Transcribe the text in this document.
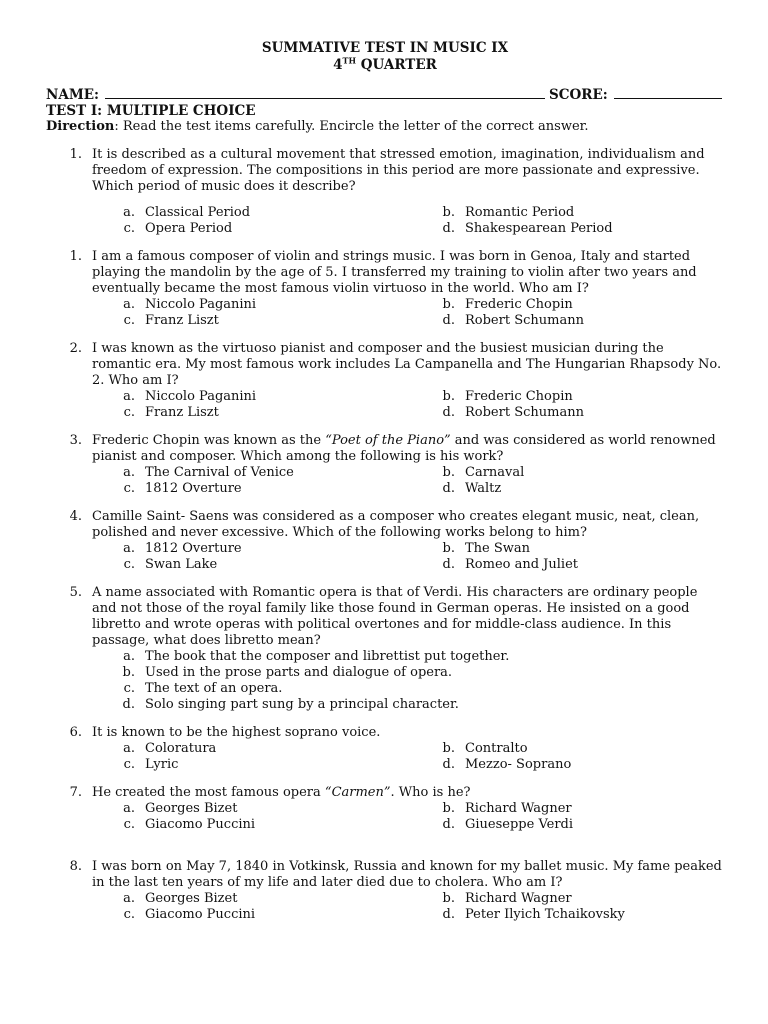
SUMMATIVE TEST IN MUSIC IX
4TH QUARTER
NAME:	SCORE:
TEST I: MULTIPLE CHOICE
Direction: Read the test items carefully. Encircle the letter of the correct answer.
1. It is described as a cultural movement that stressed emotion, imagination, individualism and freedom of expression. The compositions in this period are more passionate and expressive. Which period of music does it describe?
a. Classical Period	b. Romantic Period
c. Opera Period	d. Shakespearean Period
1. I am a famous composer of violin and strings music. I was born in Genoa, Italy and started playing the mandolin by the age of 5. I transferred my training to violin after two years and eventually became the most famous violin virtuoso in the world. Who am I?
a. Niccolo Paganini	b. Frederic Chopin
c. Franz Liszt	d. Robert Schumann
2. I was known as the virtuoso pianist and composer and the busiest musician during the romantic era. My most famous work includes La Campanella and The Hungarian Rhapsody No. 2. Who am I?
a. Niccolo Paganini	b. Frederic Chopin
c. Franz Liszt	d. Robert Schumann
3. Frederic Chopin was known as the “Poet of the Piano” and was considered as world renowned pianist and composer. Which among the following is his work?
a. The Carnival of Venice	b. Carnaval
c. 1812 Overture	d. Waltz
4. Camille Saint- Saens was considered as a composer who creates elegant music, neat, clean, polished and never excessive. Which of the following works belong to him?
a. 1812 Overture	b. The Swan
c. Swan Lake	d. Romeo and Juliet
5. A name associated with Romantic opera is that of Verdi. His characters are ordinary people and not those of the royal family like those found in German operas. He insisted on a good libretto and wrote operas with political overtones and for middle-class audience. In this passage, what does libretto mean?
a. The book that the composer and librettist put together.
b. Used in the prose parts and dialogue of opera.
c. The text of an opera.
d. Solo singing part sung by a principal character.
6. It is known to be the highest soprano voice.
a. Coloratura	b. Contralto
c. Lyric	d. Mezzo- Soprano
7. He created the most famous opera “Carmen”. Who is he?
a. Georges Bizet	b. Richard Wagner
c. Giacomo Puccini	d. Giueseppe Verdi
8. I was born on May 7, 1840 in Votkinsk, Russia and known for my ballet music. My fame peaked in the last ten years of my life and later died due to cholera. Who am I?
a. Georges Bizet	b. Richard Wagner
c. Giacomo Puccini	d. Peter Ilyich Tchaikovsky
